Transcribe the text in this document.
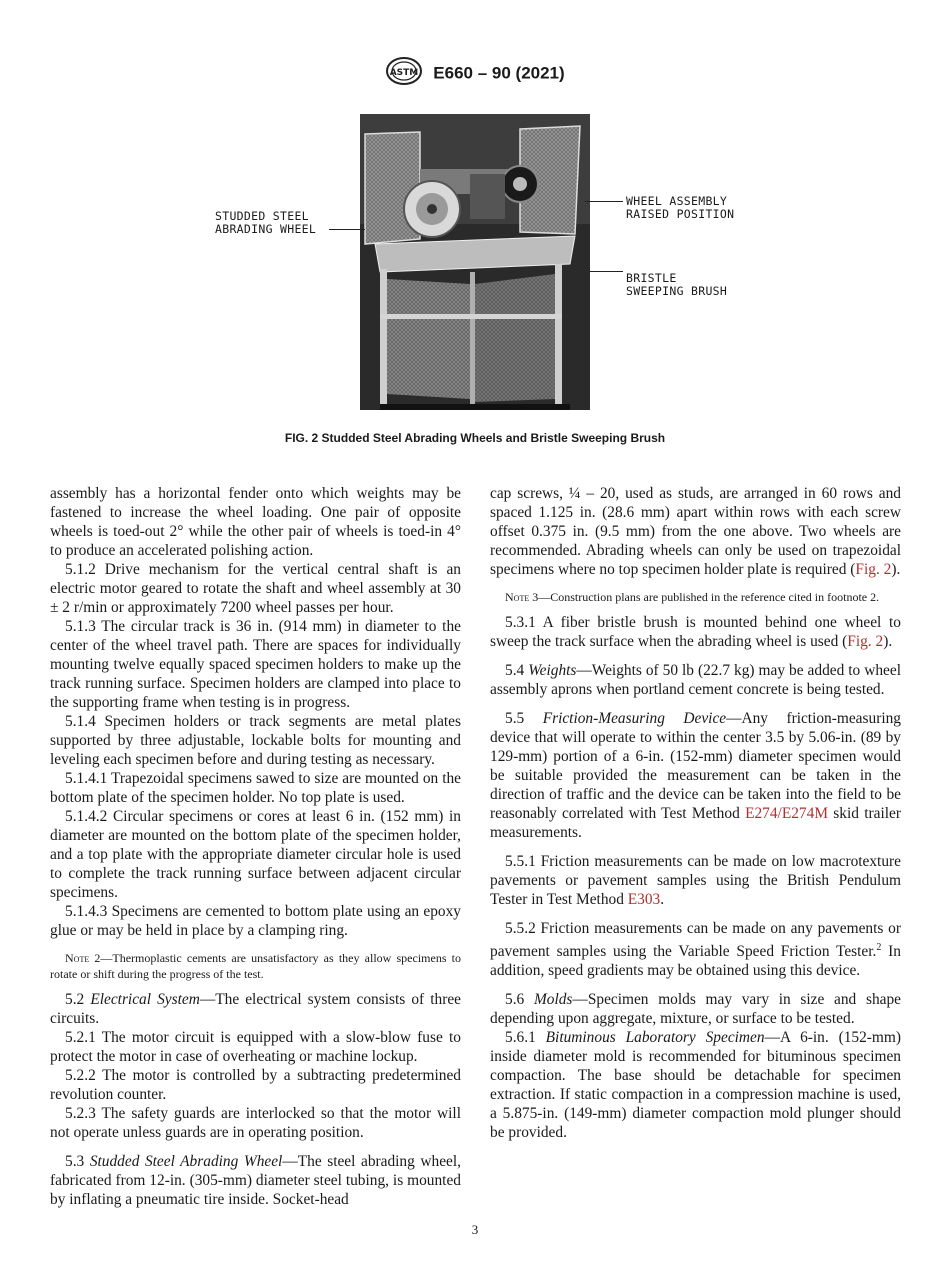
ASTM E660 – 90 (2021)
STUDDED STEEL
ABRADING WHEEL
WHEEL ASSEMBLY
RAISED POSITION
BRISTLE
SWEEPING BRUSH
FIG. 2 Studded Steel Abrading Wheels and Bristle Sweeping Brush

assembly has a horizontal fender onto which weights may be fastened to increase the wheel loading. One pair of opposite wheels is toed-out 2° while the other pair of wheels is toed-in 4° to produce an accelerated polishing action.

5.1.2 Drive mechanism for the vertical central shaft is an electric motor geared to rotate the shaft and wheel assembly at 30 ± 2 r/min or approximately 7200 wheel passes per hour.

5.1.3 The circular track is 36 in. (914 mm) in diameter to the center of the wheel travel path. There are spaces for individually mounting twelve equally spaced specimen holders to make up the track running surface. Specimen holders are clamped into place to the supporting frame when testing is in progress.

5.1.4 Specimen holders or track segments are metal plates supported by three adjustable, lockable bolts for mounting and leveling each specimen before and during testing as necessary.

5.1.4.1 Trapezoidal specimens sawed to size are mounted on the bottom plate of the specimen holder. No top plate is used.

5.1.4.2 Circular specimens or cores at least 6 in. (152 mm) in diameter are mounted on the bottom plate of the specimen holder, and a top plate with the appropriate diameter circular hole is used to complete the track running surface between adjacent circular specimens.

5.1.4.3 Specimens are cemented to bottom plate using an epoxy glue or may be held in place by a clamping ring.

Note 2—Thermoplastic cements are unsatisfactory as they allow specimens to rotate or shift during the progress of the test.

5.2 Electrical System—The electrical system consists of three circuits.

5.2.1 The motor circuit is equipped with a slow-blow fuse to protect the motor in case of overheating or machine lockup.

5.2.2 The motor is controlled by a subtracting predetermined revolution counter.

5.2.3 The safety guards are interlocked so that the motor will not operate unless guards are in operating position.

5.3 Studded Steel Abrading Wheel—The steel abrading wheel, fabricated from 12-in. (305-mm) diameter steel tubing, is mounted by inflating a pneumatic tire inside. Socket-head

cap screws, ¼ – 20, used as studs, are arranged in 60 rows and spaced 1.125 in. (28.6 mm) apart within rows with each screw offset 0.375 in. (9.5 mm) from the one above. Two wheels are recommended. Abrading wheels can only be used on trapezoidal specimens where no top specimen holder plate is required (Fig. 2).

Note 3—Construction plans are published in the reference cited in footnote 2.

5.3.1 A fiber bristle brush is mounted behind one wheel to sweep the track surface when the abrading wheel is used (Fig. 2).

5.4 Weights—Weights of 50 lb (22.7 kg) may be added to wheel assembly aprons when portland cement concrete is being tested.

5.5 Friction-Measuring Device—Any friction-measuring device that will operate to within the center 3.5 by 5.06-in. (89 by 129-mm) portion of a 6-in. (152-mm) diameter specimen would be suitable provided the measurement can be taken in the direction of traffic and the device can be taken into the field to be reasonably correlated with Test Method E274/E274M skid trailer measurements.

5.5.1 Friction measurements can be made on low macrotexture pavements or pavement samples using the British Pendulum Tester in Test Method E303.

5.5.2 Friction measurements can be made on any pavements or pavement samples using the Variable Speed Friction Tester.$^2$ In addition, speed gradients may be obtained using this device.

5.6 Molds—Specimen molds may vary in size and shape depending upon aggregate, mixture, or surface to be tested.

5.6.1 Bituminous Laboratory Specimen—A 6-in. (152-mm) inside diameter mold is recommended for bituminous specimen compaction. The base should be detachable for specimen extraction. If static compaction in a compression machine is used, a 5.875-in. (149-mm) diameter compaction mold plunger should be provided.

3
